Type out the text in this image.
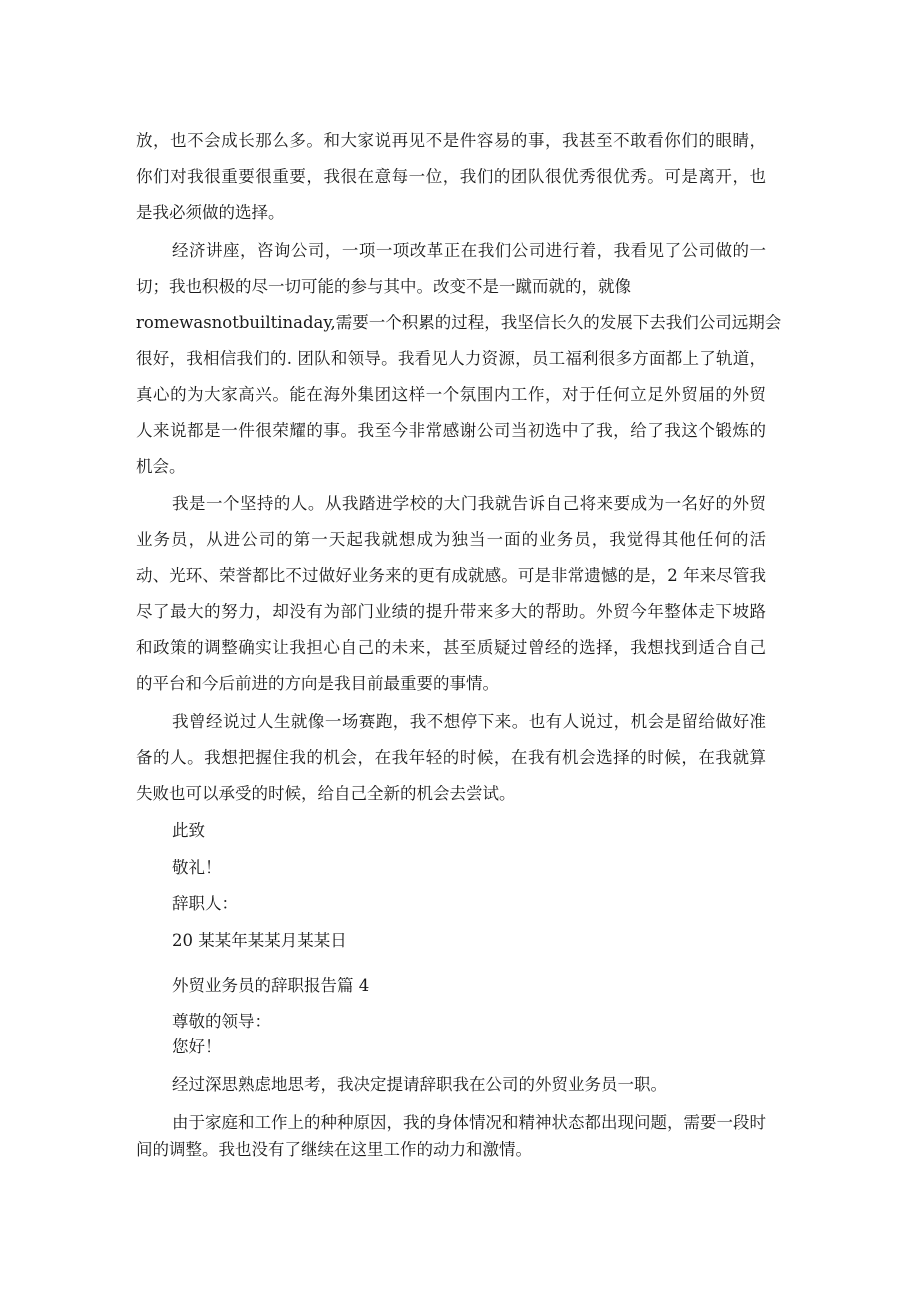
放，也不会成长那么多。和大家说再见不是件容易的事，我甚至不敢看你们的眼睛，
你们对我很重要很重要，我很在意每一位，我们的团队很优秀很优秀。可是离开，也
是我必须做的选择。
经济讲座，咨询公司，一项一项改革正在我们公司进行着，我看见了公司做的一
切；我也积极的尽一切可能的参与其中。改变不是一蹴而就的，就像
romewasnotbuiltinaday,需要一个积累的过程，我坚信长久的发展下去我们公司远期会
很好，我相信我们的. 团队和领导。我看见人力资源，员工福利很多方面都上了轨道，
真心的为大家高兴。能在海外集团这样一个氛围内工作，对于任何立足外贸届的外贸
人来说都是一件很荣耀的事。我至今非常感谢公司当初选中了我，给了我这个锻炼的
机会。
我是一个坚持的人。从我踏进学校的大门我就告诉自己将来要成为一名好的外贸
业务员，从进公司的第一天起我就想成为独当一面的业务员，我觉得其他任何的活
动、光环、荣誉都比不过做好业务来的更有成就感。可是非常遗憾的是，2 年来尽管我
尽了最大的努力，却没有为部门业绩的提升带来多大的帮助。外贸今年整体走下坡路
和政策的调整确实让我担心自己的未来，甚至质疑过曾经的选择，我想找到适合自己
的平台和今后前进的方向是我目前最重要的事情。
我曾经说过人生就像一场赛跑，我不想停下来。也有人说过，机会是留给做好准
备的人。我想把握住我的机会，在我年轻的时候，在我有机会选择的时候，在我就算
失败也可以承受的时候，给自己全新的机会去尝试。
此致
敬礼！
辞职人：
20 某某年某某月某某日
外贸业务员的辞职报告篇 4
尊敬的领导：
您好！
经过深思熟虑地思考，我决定提请辞职我在公司的外贸业务员一职。
由于家庭和工作上的种种原因，我的身体情况和精神状态都出现问题，需要一段时
间的调整。我也没有了继续在这里工作的动力和激情。
